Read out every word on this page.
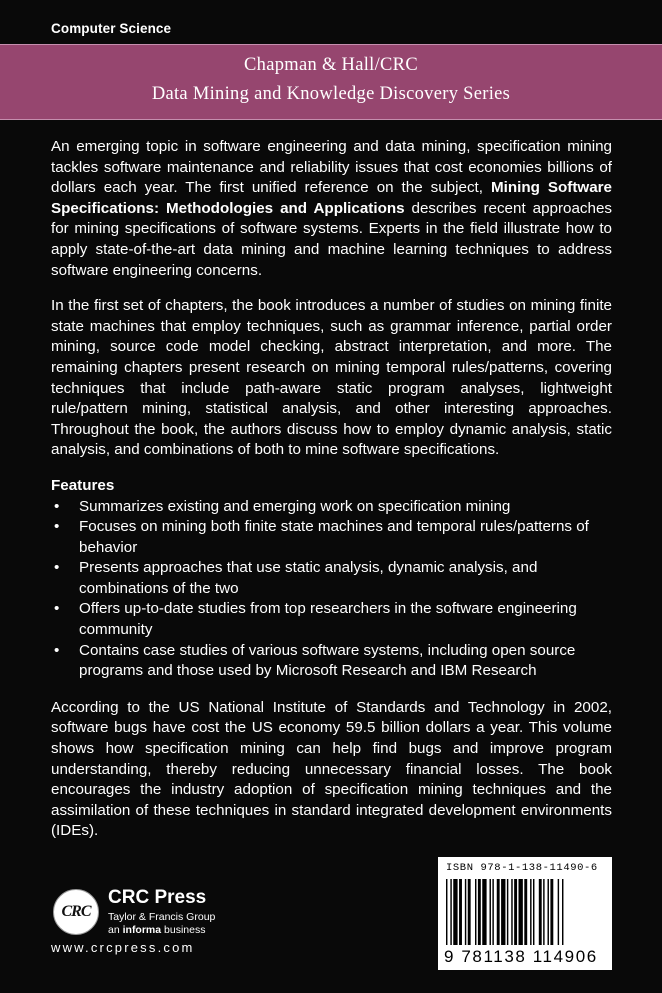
Computer Science
Chapman & Hall/CRC
Data Mining and Knowledge Discovery Series

An emerging topic in software engineering and data mining, specification mining tackles software maintenance and reliability issues that cost economies billions of dollars each year. The first unified reference on the subject, Mining Software Specifications: Methodologies and Applications describes recent approaches for mining specifications of software systems. Experts in the field illustrate how to apply state-of-the-art data mining and machine learning techniques to address software engineering concerns.

In the first set of chapters, the book introduces a number of studies on mining finite state machines that employ techniques, such as grammar inference, partial order mining, source code model checking, abstract interpretation, and more. The remaining chapters present research on mining temporal rules/patterns, covering techniques that include path-aware static program analyses, lightweight rule/pattern mining, statistical analysis, and other interesting approaches. Throughout the book, the authors discuss how to employ dynamic analysis, static analysis, and combinations of both to mine software specifications.

Features
• Summarizes existing and emerging work on specification mining
• Focuses on mining both finite state machines and temporal rules/patterns of behavior
• Presents approaches that use static analysis, dynamic analysis, and combinations of the two
• Offers up-to-date studies from top researchers in the software engineering community
• Contains case studies of various software systems, including open source programs and those used by Microsoft Research and IBM Research

According to the US National Institute of Standards and Technology in 2002, software bugs have cost the US economy 59.5 billion dollars a year. This volume shows how specification mining can help find bugs and improve program understanding, thereby reducing unnecessary financial losses. The book encourages the industry adoption of specification mining techniques and the assimilation of these techniques in standard integrated development environments (IDEs).

CRC
CRC Press
Taylor & Francis Group
an informa business
www.crcpress.com
ISBN 978-1-138-11490-6
9 781138 114906
